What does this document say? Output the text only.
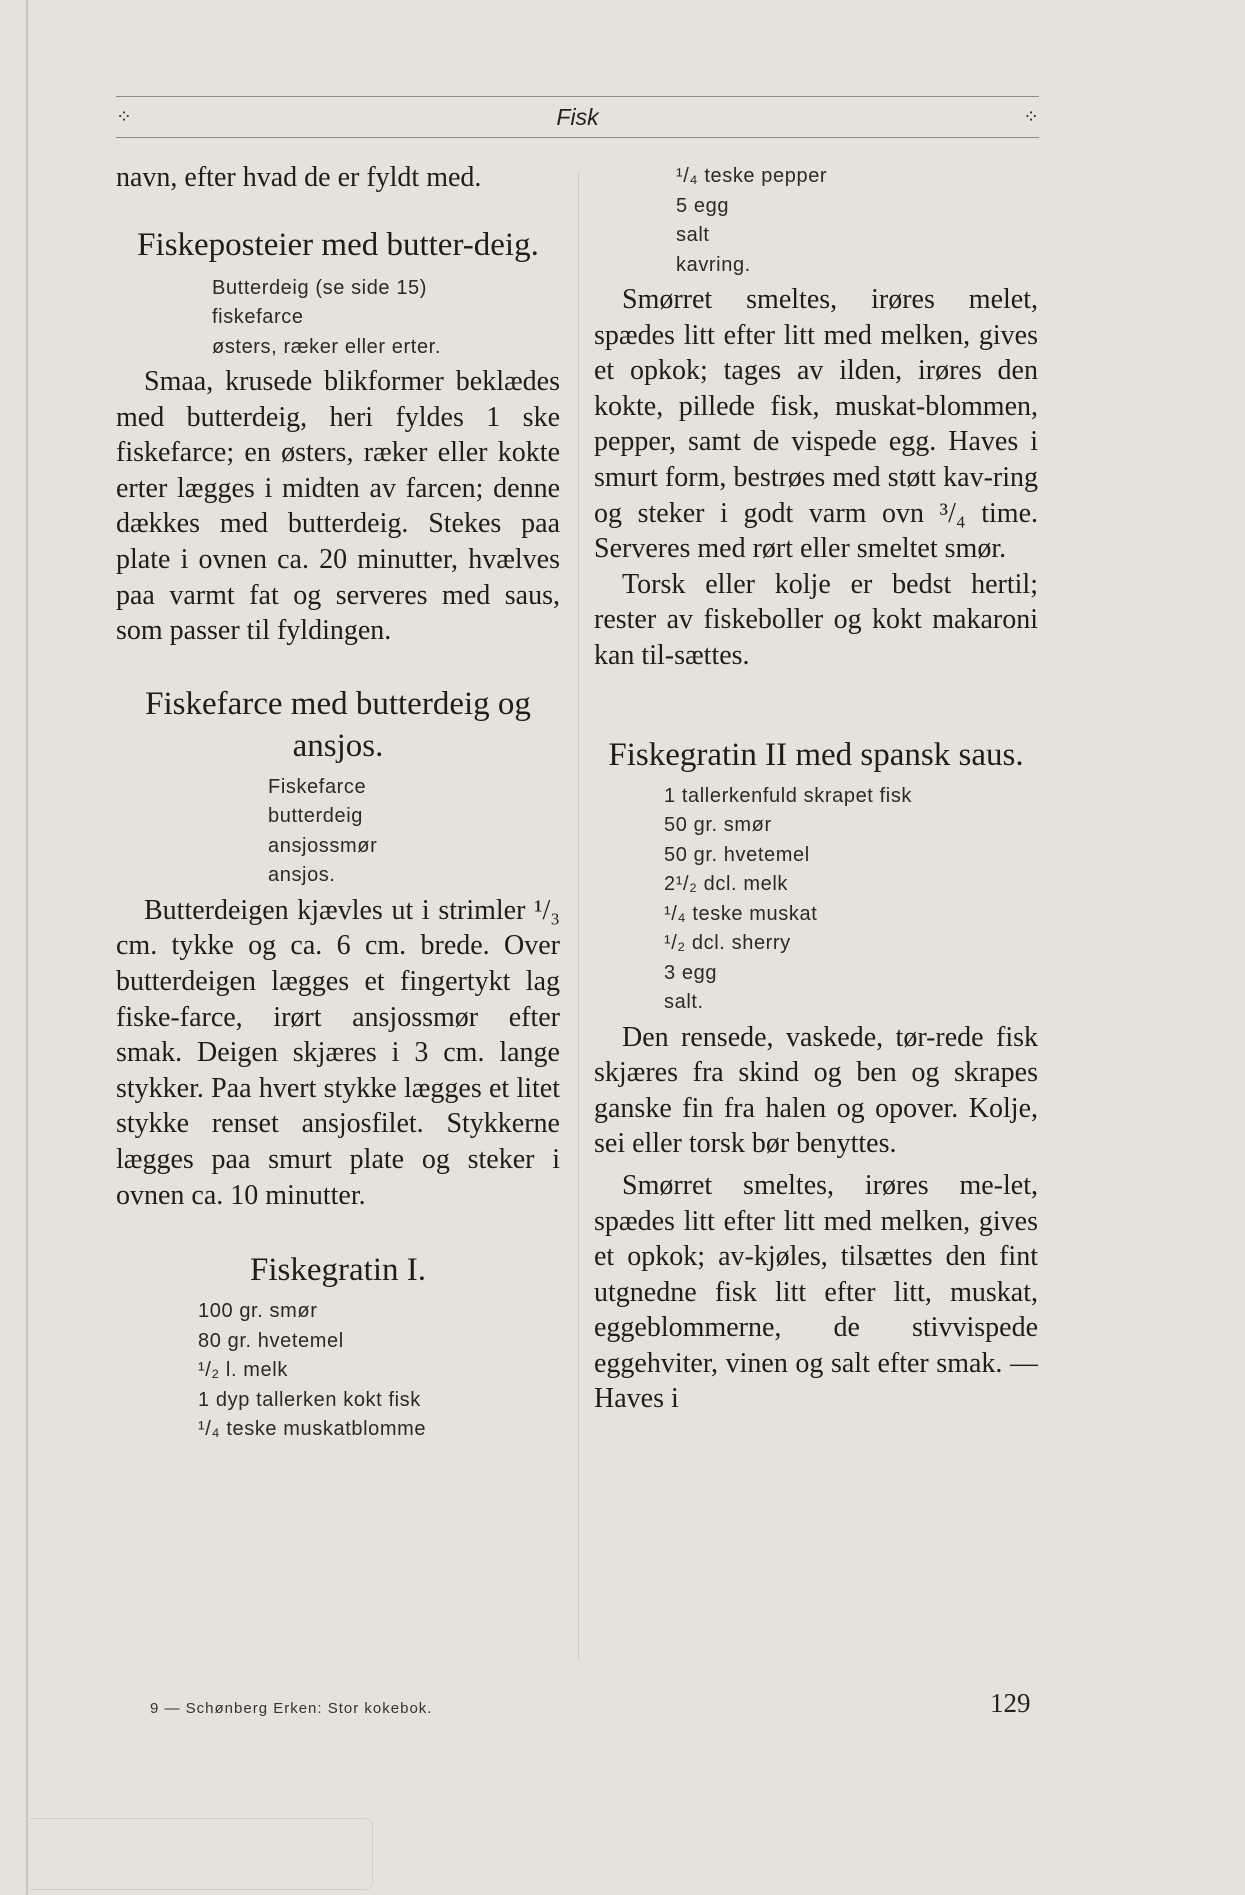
⁘	Fisk	⁘

navn, efter hvad de er fyldt med.

Fiskeposteier med butter-deig.
Butterdeig (se side 15)
fiskefarce
østers, ræker eller erter.

Smaa, krusede blikformer beklædes med butterdeig, heri fyldes 1 ske fiskefarce; en østers, ræker eller kokte erter lægges i midten av farcen; denne dækkes med butterdeig. Stekes paa plate i ovnen ca. 20 minutter, hvælves paa varmt fat og serveres med saus, som passer til fyldingen.

Fiskefarce med butterdeig og ansjos.
Fiskefarce
butterdeig
ansjossmør
ansjos.

Butterdeigen kjævles ut i strimler ¹/₃ cm. tykke og ca. 6 cm. brede. Over butterdeigen lægges et fingertykt lag fiske-farce, irørt ansjossmør efter smak. Deigen skjæres i 3 cm. lange stykker. Paa hvert stykke lægges et litet stykke renset ansjosfilet. Stykkerne lægges paa smurt plate og steker i ovnen ca. 10 minutter.

Fiskegratin I.
100 gr. smør
80 gr. hvetemel
¹/₂ l. melk
1 dyp tallerken kokt fisk
¹/₄ teske muskatblomme
¹/₄ teske pepper
5 egg
salt
kavring.

Smørret smeltes, irøres melet, spædes litt efter litt med melken, gives et opkok; tages av ilden, irøres den kokte, pillede fisk, muskat-blommen, pepper, samt de vispede egg. Haves i smurt form, bestrøes med støtt kav-ring og steker i godt varm ovn ³/₄ time. Serveres med rørt eller smeltet smør.

Torsk eller kolje er bedst hertil; rester av fiskeboller og kokt makaroni kan til-sættes.

Fiskegratin II med spansk saus.
1 tallerkenfuld skrapet fisk
50 gr. smør
50 gr. hvetemel
2¹/₂ dcl. melk
¹/₄ teske muskat
¹/₂ dcl. sherry
3 egg
salt.

Den rensede, vaskede, tør-rede fisk skjæres fra skind og ben og skrapes ganske fin fra halen og opover. Kolje, sei eller torsk bør benyttes.

Smørret smeltes, irøres me-let, spædes litt efter litt med melken, gives et opkok; av-kjøles, tilsættes den fint utgnedne fisk litt efter litt, muskat, eggeblommerne, de stivvispede eggehviter, vinen og salt efter smak. — Haves i

9 — Schønberg Erken: Stor kokebok.	129
